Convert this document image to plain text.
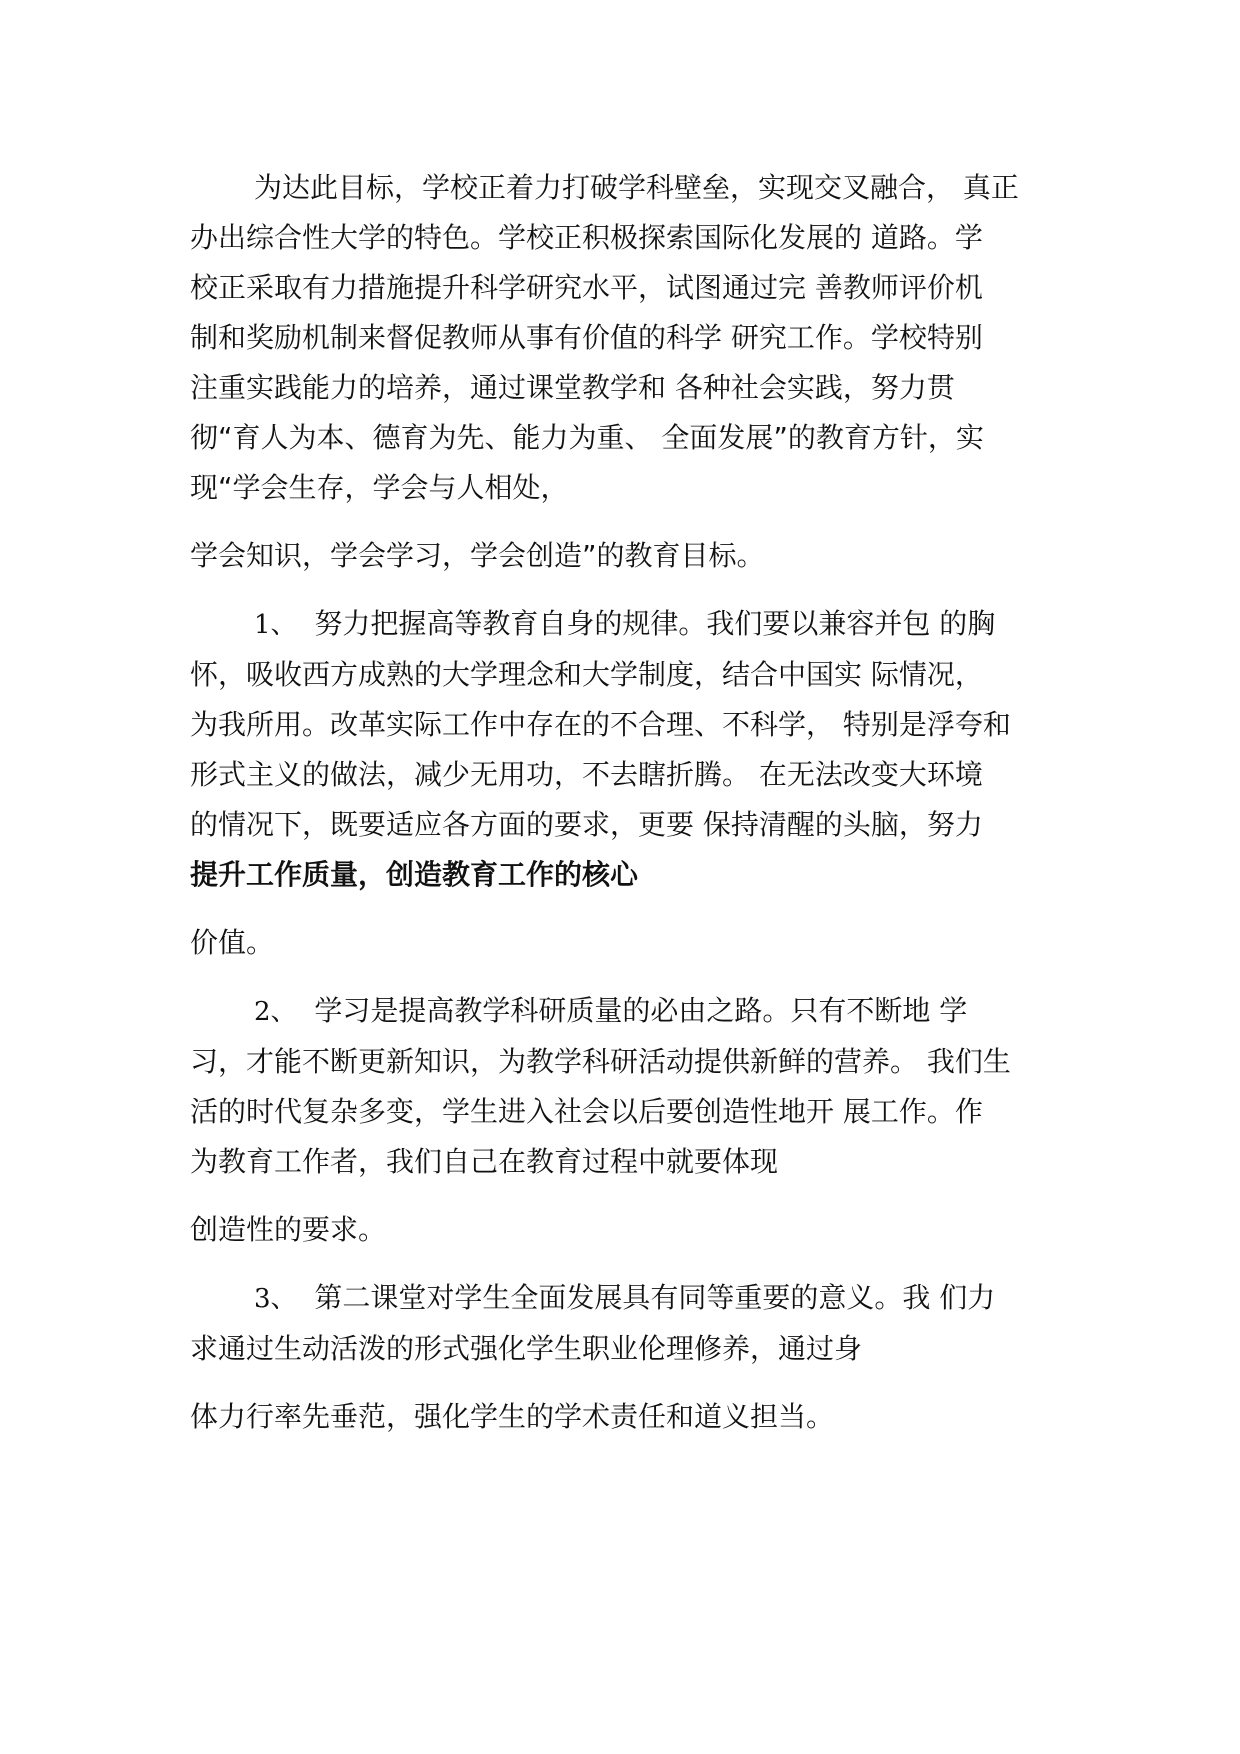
为达此目标，学校正着力打破学科壁垒，实现交叉融合， 真正
办出综合性大学的特色。学校正积极探索国际化发展的 道路。学
校正采取有力措施提升科学研究水平，试图通过完 善教师评价机
制和奖励机制来督促教师从事有价值的科学 研究工作。学校特别
注重实践能力的培养，通过课堂教学和 各种社会实践，努力贯
彻“育人为本、德育为先、能力为重、 全面发展”的教育方针，实
现“学会生存，学会与人相处，

学会知识，学会学习，学会创造”的教育目标。

1、 努力把握高等教育自身的规律。我们要以兼容并包 的胸
怀，吸收西方成熟的大学理念和大学制度，结合中国实 际情况，
为我所用。改革实际工作中存在的不合理、不科学， 特别是浮夸和
形式主义的做法，减少无用功，不去瞎折腾。 在无法改变大环境
的情况下，既要适应各方面的要求，更要 保持清醒的头脑，努力
提升工作质量，创造教育工作的核心

价值。

2、 学习是提高教学科研质量的必由之路。只有不断地 学
习，才能不断更新知识，为教学科研活动提供新鲜的营养。 我们生
活的时代复杂多变，学生进入社会以后要创造性地开 展工作。作
为教育工作者，我们自己在教育过程中就要体现

创造性的要求。

3、 第二课堂对学生全面发展具有同等重要的意义。我 们力
求通过生动活泼的形式强化学生职业伦理修养，通过身

体力行率先垂范，强化学生的学术责任和道义担当。
